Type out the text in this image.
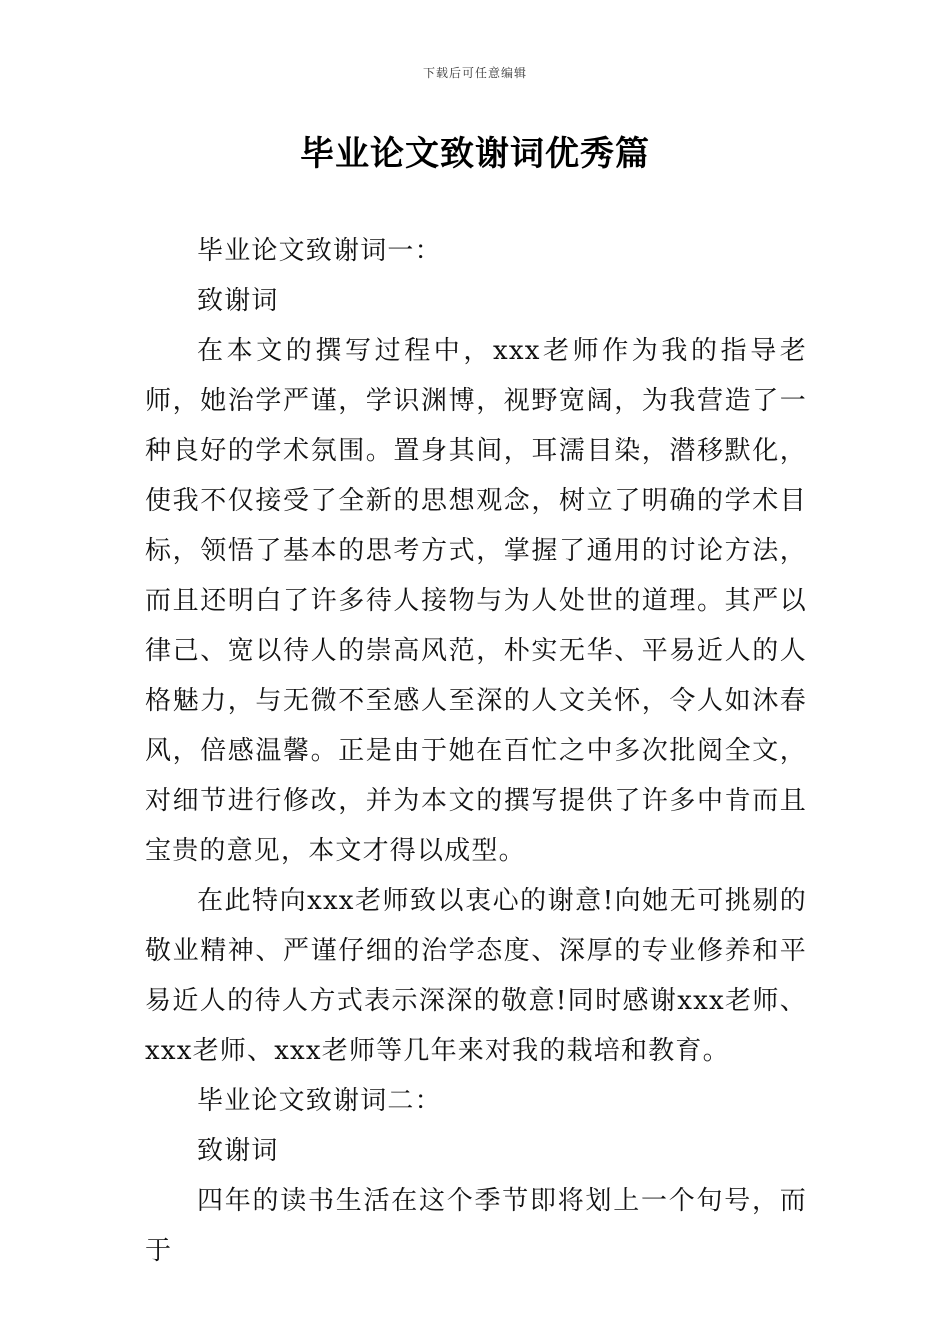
下载后可任意编辑
毕业论文致谢词优秀篇

毕业论文致谢词一：

致谢词

在本文的撰写过程中，xxx老师作为我的指导老师，她治学严谨，学识渊博，视野宽阔，为我营造了一种良好的学术氛围。置身其间，耳濡目染，潜移默化，使我不仅接受了全新的思想观念，树立了明确的学术目标，领悟了基本的思考方式，掌握了通用的讨论方法，而且还明白了许多待人接物与为人处世的道理。其严以律己、宽以待人的崇高风范，朴实无华、平易近人的人格魅力，与无微不至感人至深的人文关怀，令人如沐春风，倍感温馨。正是由于她在百忙之中多次批阅全文，对细节进行修改，并为本文的撰写提供了许多中肯而且宝贵的意见，本文才得以成型。

在此特向xxx老师致以衷心的谢意!向她无可挑剔的敬业精神、严谨仔细的治学态度、深厚的专业修养和平易近人的待人方式表示深深的敬意!同时感谢xxx老师、xxx老师、xxx老师等几年来对我的栽培和教育。

毕业论文致谢词二：

致谢词

四年的读书生活在这个季节即将划上一个句号，而于
